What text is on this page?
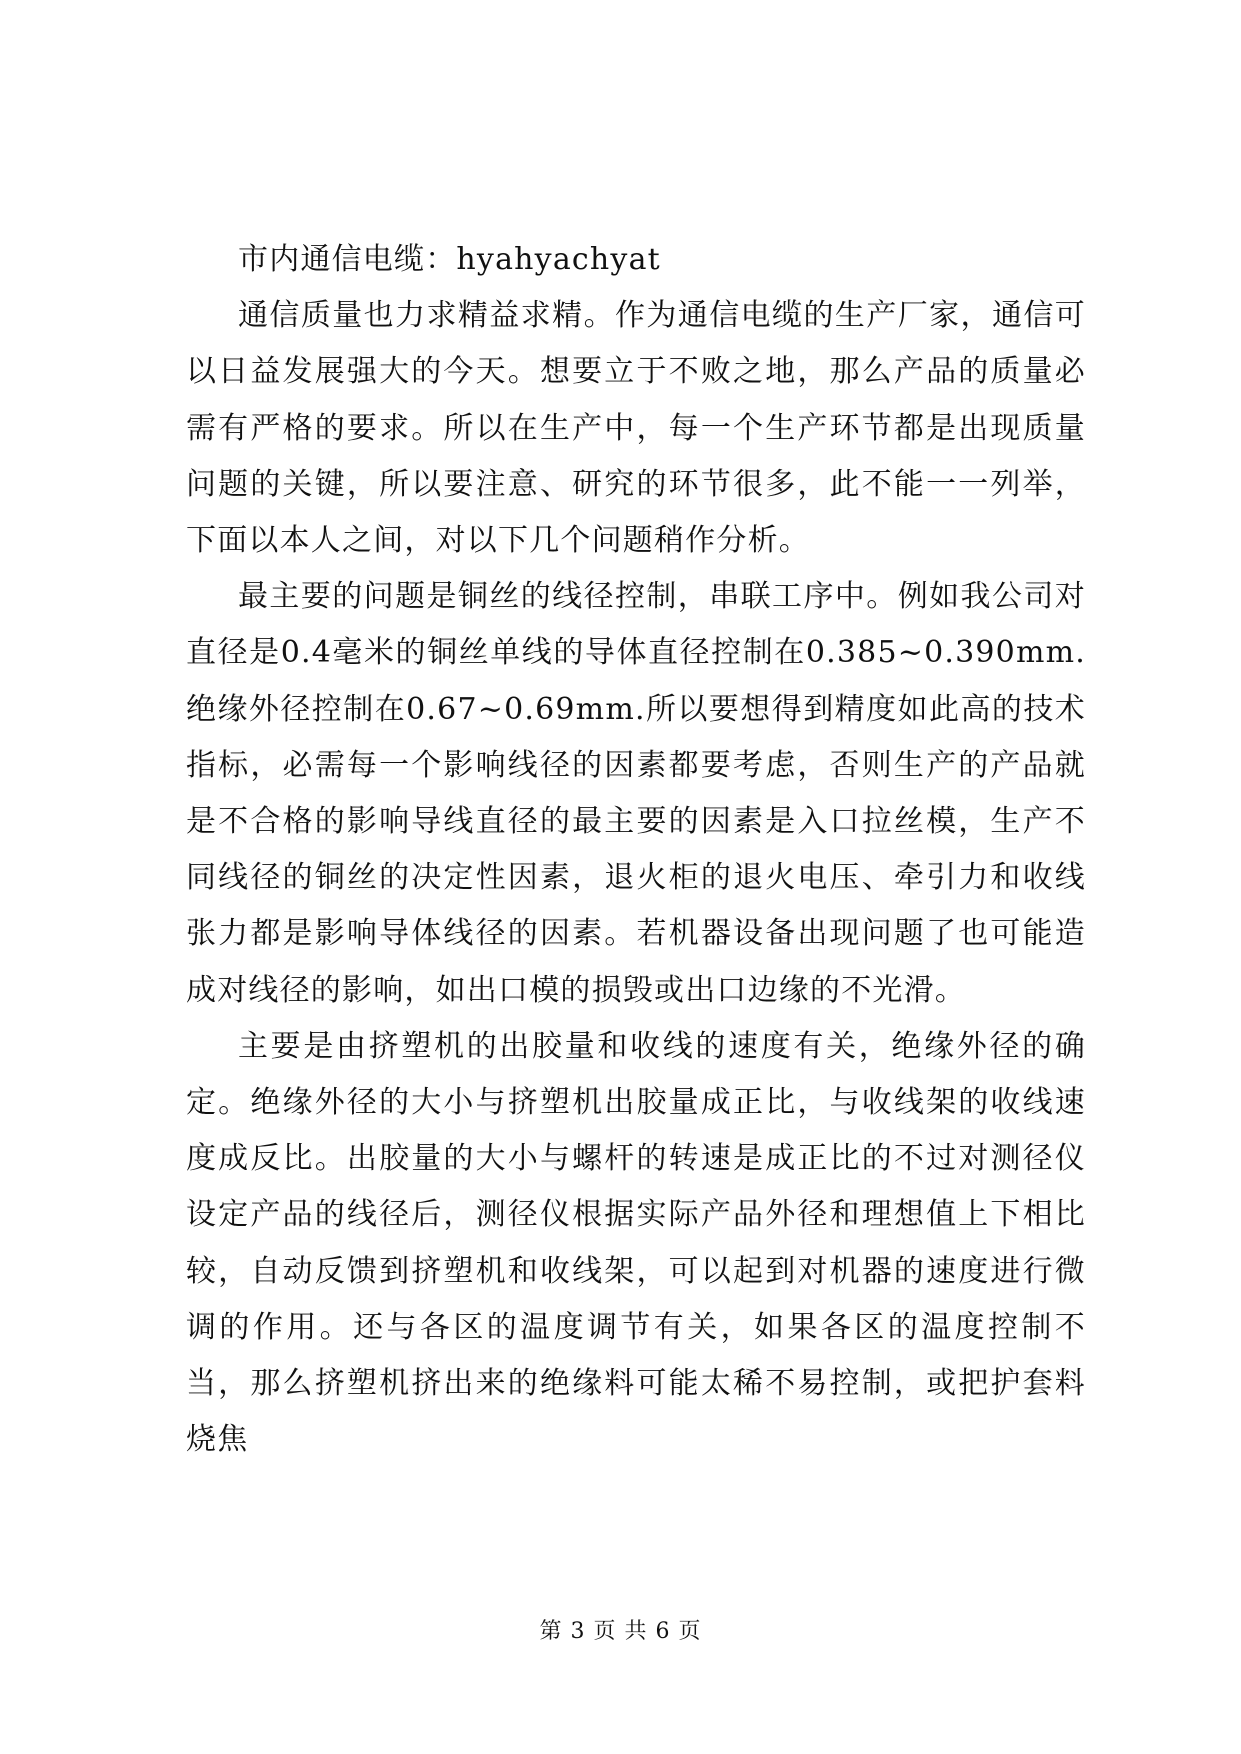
市内通信电缆：hyahyachyat

通信质量也力求精益求精。作为通信电缆的生产厂家，通信可以日益发展强大的今天。想要立于不败之地，那么产品的质量必需有严格的要求。所以在生产中，每一个生产环节都是出现质量问题的关键，所以要注意、研究的环节很多，此不能一一列举，下面以本人之间，对以下几个问题稍作分析。

最主要的问题是铜丝的线径控制，串联工序中。例如我公司对直径是0.4毫米的铜丝单线的导体直径控制在0.385~0.390mm.绝缘外径控制在0.67~0.69mm.所以要想得到精度如此高的技术指标，必需每一个影响线径的因素都要考虑，否则生产的产品就是不合格的影响导线直径的最主要的因素是入口拉丝模，生产不同线径的铜丝的决定性因素，退火柜的退火电压、牵引力和收线张力都是影响导体线径的因素。若机器设备出现问题了也可能造成对线径的影响，如出口模的损毁或出口边缘的不光滑。

主要是由挤塑机的出胶量和收线的速度有关，绝缘外径的确定。绝缘外径的大小与挤塑机出胶量成正比，与收线架的收线速度成反比。出胶量的大小与螺杆的转速是成正比的不过对测径仪设定产品的线径后，测径仪根据实际产品外径和理想值上下相比较，自动反馈到挤塑机和收线架，可以起到对机器的速度进行微调的作用。还与各区的温度调节有关，如果各区的温度控制不当，那么挤塑机挤出来的绝缘料可能太稀不易控制，或把护套料烧焦

第 3 页 共 6 页
